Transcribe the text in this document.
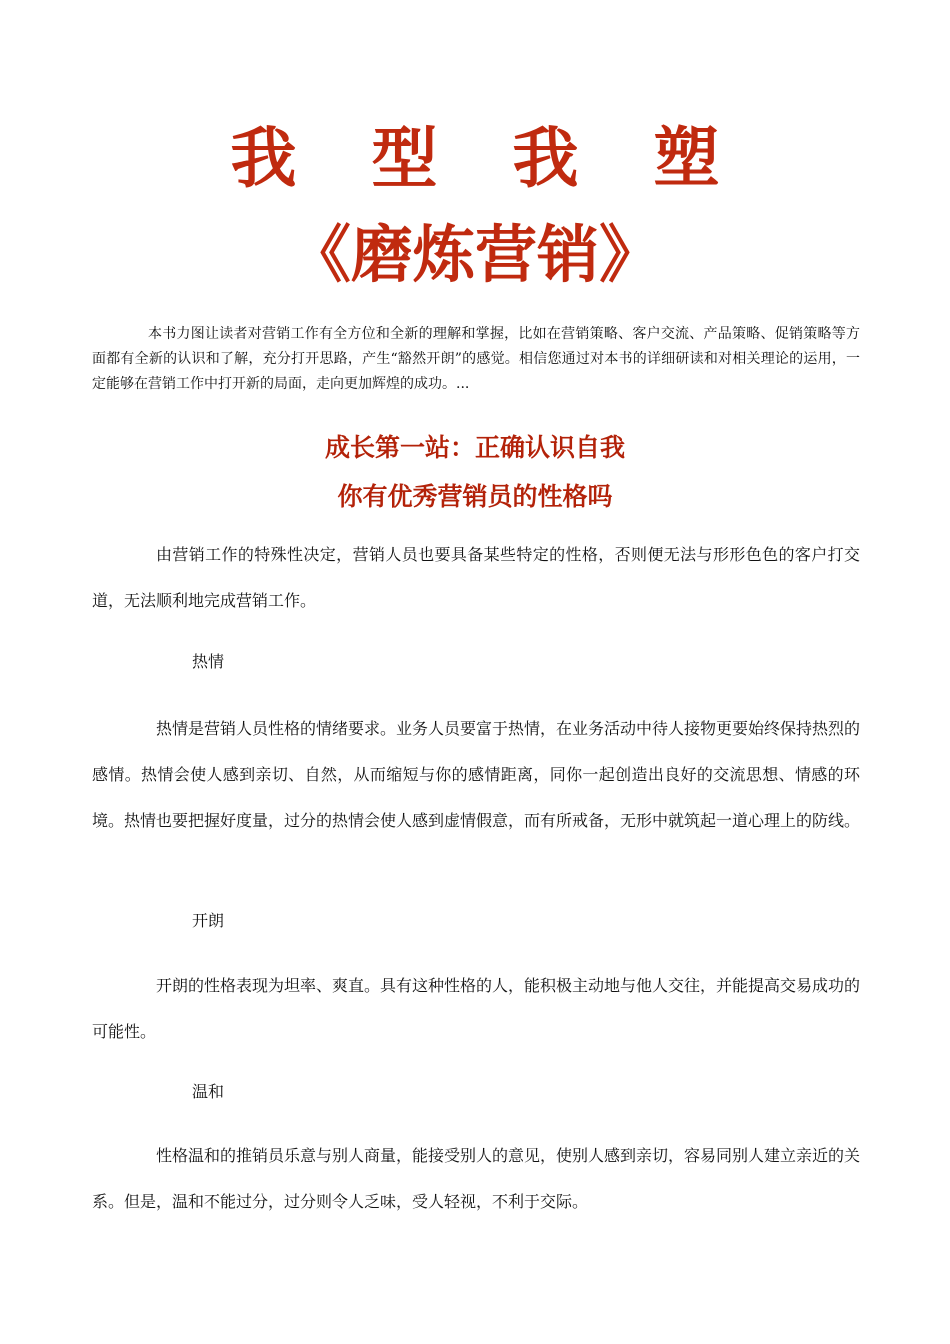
我 型 我 塑
《磨炼营销》
本书力图让读者对营销工作有全方位和全新的理解和掌握，比如在营销策略、客户交流、产品策略、促销策略等方面都有全新的认识和了解，充分打开思路，产生“豁然开朗”的感觉。相信您通过对本书的详细研读和对相关理论的运用，一定能够在营销工作中打开新的局面，走向更加辉煌的成功。...
成长第一站：正确认识自我
你有优秀营销员的性格吗
由营销工作的特殊性决定，营销人员也要具备某些特定的性格，否则便无法与形形色色的客户打交道，无法顺利地完成营销工作。
热情
热情是营销人员性格的情绪要求。业务人员要富于热情，在业务活动中待人接物更要始终保持热烈的感情。热情会使人感到亲切、自然，从而缩短与你的感情距离，同你一起创造出良好的交流思想、情感的环境。热情也要把握好度量，过分的热情会使人感到虚情假意，而有所戒备，无形中就筑起一道心理上的防线。
开朗
开朗的性格表现为坦率、爽直。具有这种性格的人，能积极主动地与他人交往，并能提高交易成功的可能性。
温和
性格温和的推销员乐意与别人商量，能接受别人的意见，使别人感到亲切，容易同别人建立亲近的关系。但是，温和不能过分，过分则令人乏味，受人轻视，不利于交际。
